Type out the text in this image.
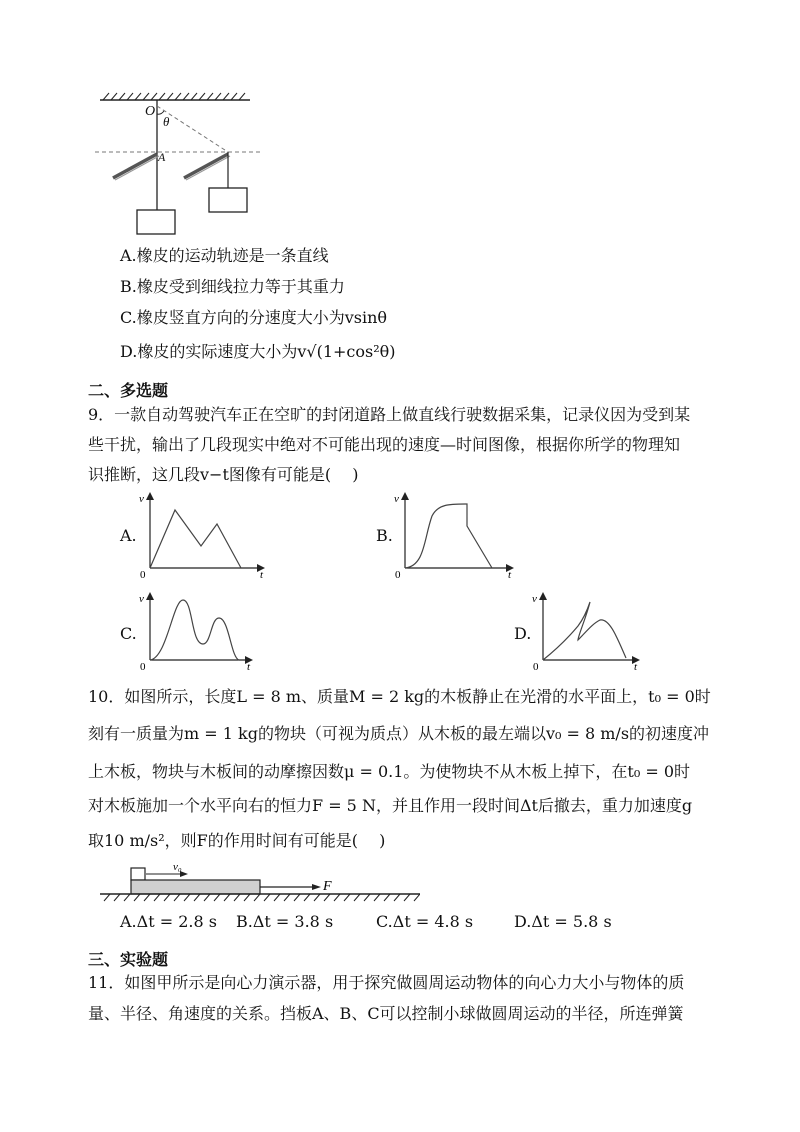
O
θ
A
A.橡皮的运动轨迹是一条直线
B.橡皮受到细线拉力等于其重力
C.橡皮竖直方向的分速度大小为vsinθ
D.橡皮的实际速度大小为v√(1+cos²θ)
二、多选题
9．一款自动驾驶汽车正在空旷的封闭道路上做直线行驶数据采集，记录仪因为受到某
些干扰，输出了几段现实中绝对不可能出现的速度—时间图像，根据你所学的物理知
识推断，这几段v−t图像有可能是(　 )
A.
v
0	t
B.
v
0	t
C.
v
0	t
D.
v
0	t
10．如图所示，长度L = 8 m、质量M = 2 kg的木板静止在光滑的水平面上，t₀ = 0时
刻有一质量为m = 1 kg的物块（可视为质点）从木板的最左端以v₀ = 8 m/s的初速度冲
上木板，物块与木板间的动摩擦因数μ = 0.1。为使物块不从木板上掉下，在t₀ = 0时
对木板施加一个水平向右的恒力F = 5 N，并且作用一段时间Δt后撤去，重力加速度g
取10 m/s²，则F的作用时间有可能是(　 )
v₀
F
A.Δt = 2.8 s B.Δt = 3.8 s	C.Δt = 4.8 s	D.Δt = 5.8 s
三、实验题
11．如图甲所示是向心力演示器，用于探究做圆周运动物体的向心力大小与物体的质
量、半径、角速度的关系。挡板A、B、C可以控制小球做圆周运动的半径，所连弹簧
